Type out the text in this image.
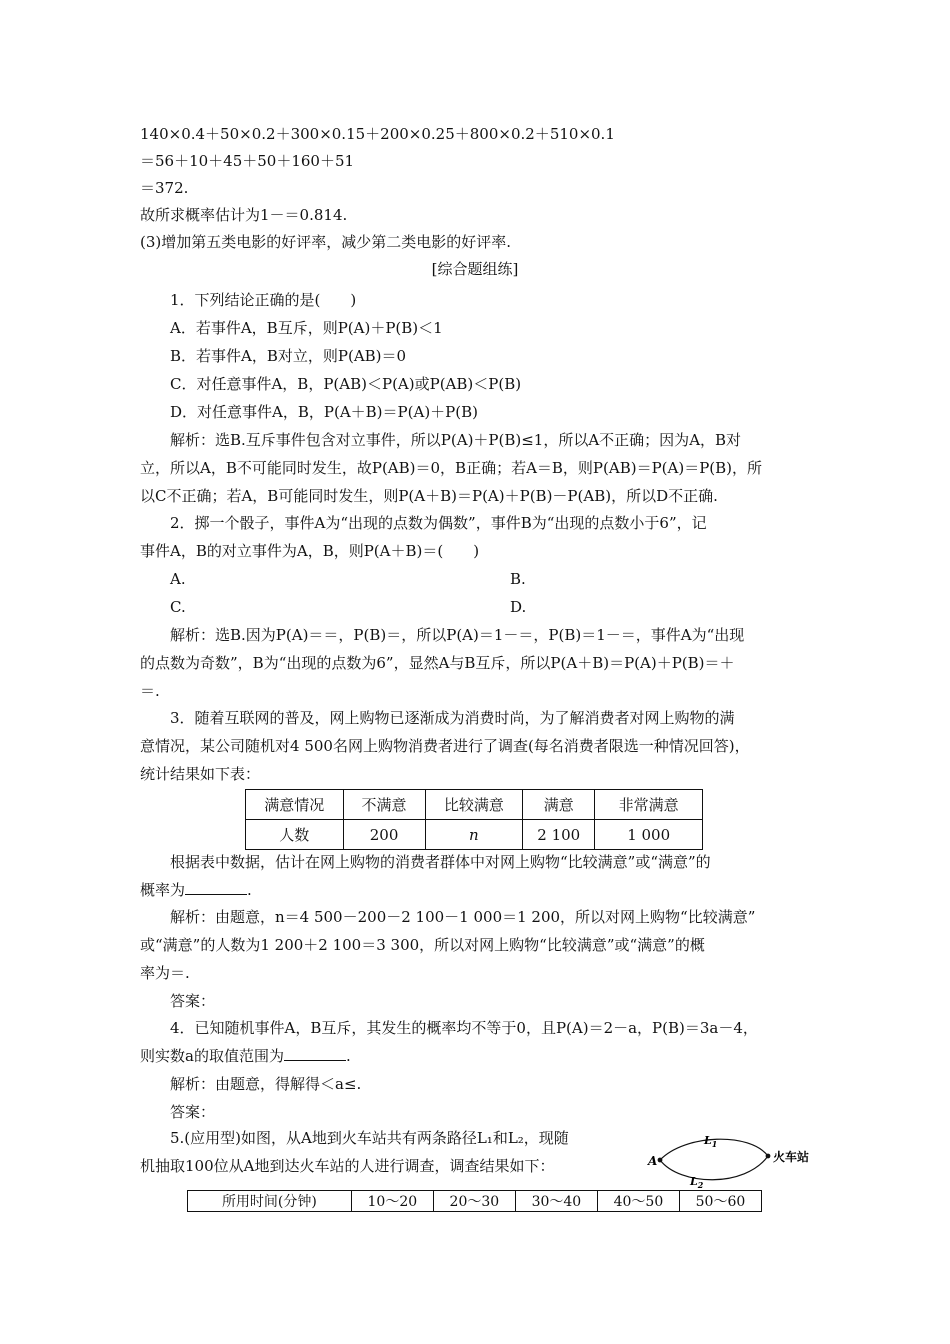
140×0.4＋50×0.2＋300×0.15＋200×0.25＋800×0.2＋510×0.1
＝56＋10＋45＋50＋160＋51
＝372.
故所求概率估计为1－＝0.814.
(3)增加第五类电影的好评率，减少第二类电影的好评率.
[综合题组练]
1．下列结论正确的是(　　)
A．若事件A，B互斥，则P(A)＋P(B)＜1
B．若事件A，B对立，则P(AB)＝0
C．对任意事件A，B，P(AB)＜P(A)或P(AB)＜P(B)
D．对任意事件A，B，P(A＋B)＝P(A)＋P(B)
解析：选B.互斥事件包含对立事件，所以P(A)＋P(B)≤1，所以A不正确；因为A，B对
立，所以A，B不可能同时发生，故P(AB)＝0，B正确；若A＝B，则P(AB)＝P(A)＝P(B)，所
以C不正确；若A，B可能同时发生，则P(A＋B)＝P(A)＋P(B)－P(AB)，所以D不正确.
2．掷一个骰子，事件A为“出现的点数为偶数”，事件B为“出现的点数小于6”，记
事件A，B的对立事件为A，B，则P(A＋B)＝(　　)
A.	B.
C.	D.
解析：选B.因为P(A)＝＝，P(B)＝，所以P(A)＝1－＝，P(B)＝1－＝，事件A为“出现
的点数为奇数”，B为“出现的点数为6”，显然A与B互斥，所以P(A＋B)＝P(A)＋P(B)＝＋
＝.
3．随着互联网的普及，网上购物已逐渐成为消费时尚，为了解消费者对网上购物的满
意情况，某公司随机对4 500名网上购物消费者进行了调查(每名消费者限选一种情况回答)，
统计结果如下表：
满意情况	不满意	比较满意	满意	非常满意
人数	200	n	2 100	1 000
根据表中数据，估计在网上购物的消费者群体中对网上购物“比较满意”或“满意”的
概率为	.
解析：由题意，n＝4 500－200－2 100－1 000＝1 200，所以对网上购物“比较满意”
或“满意”的人数为1 200＋2 100＝3 300，所以对网上购物“比较满意”或“满意”的概
率为＝.
答案：
4．已知随机事件A，B互斥，其发生的概率均不等于0，且P(A)＝2－a，P(B)＝3a－4，
则实数a的取值范围为	.
解析：由题意，得解得＜a≤.
答案：
5.(应用型)如图，从A地到火车站共有两条路径L₁和L₂，现随
机抽取100位从A地到达火车站的人进行调查，调查结果如下：	A	火车站
$L_1$
$L_2$
所用时间(分钟)	10～20	20～30	30～40	40～50	50～60
